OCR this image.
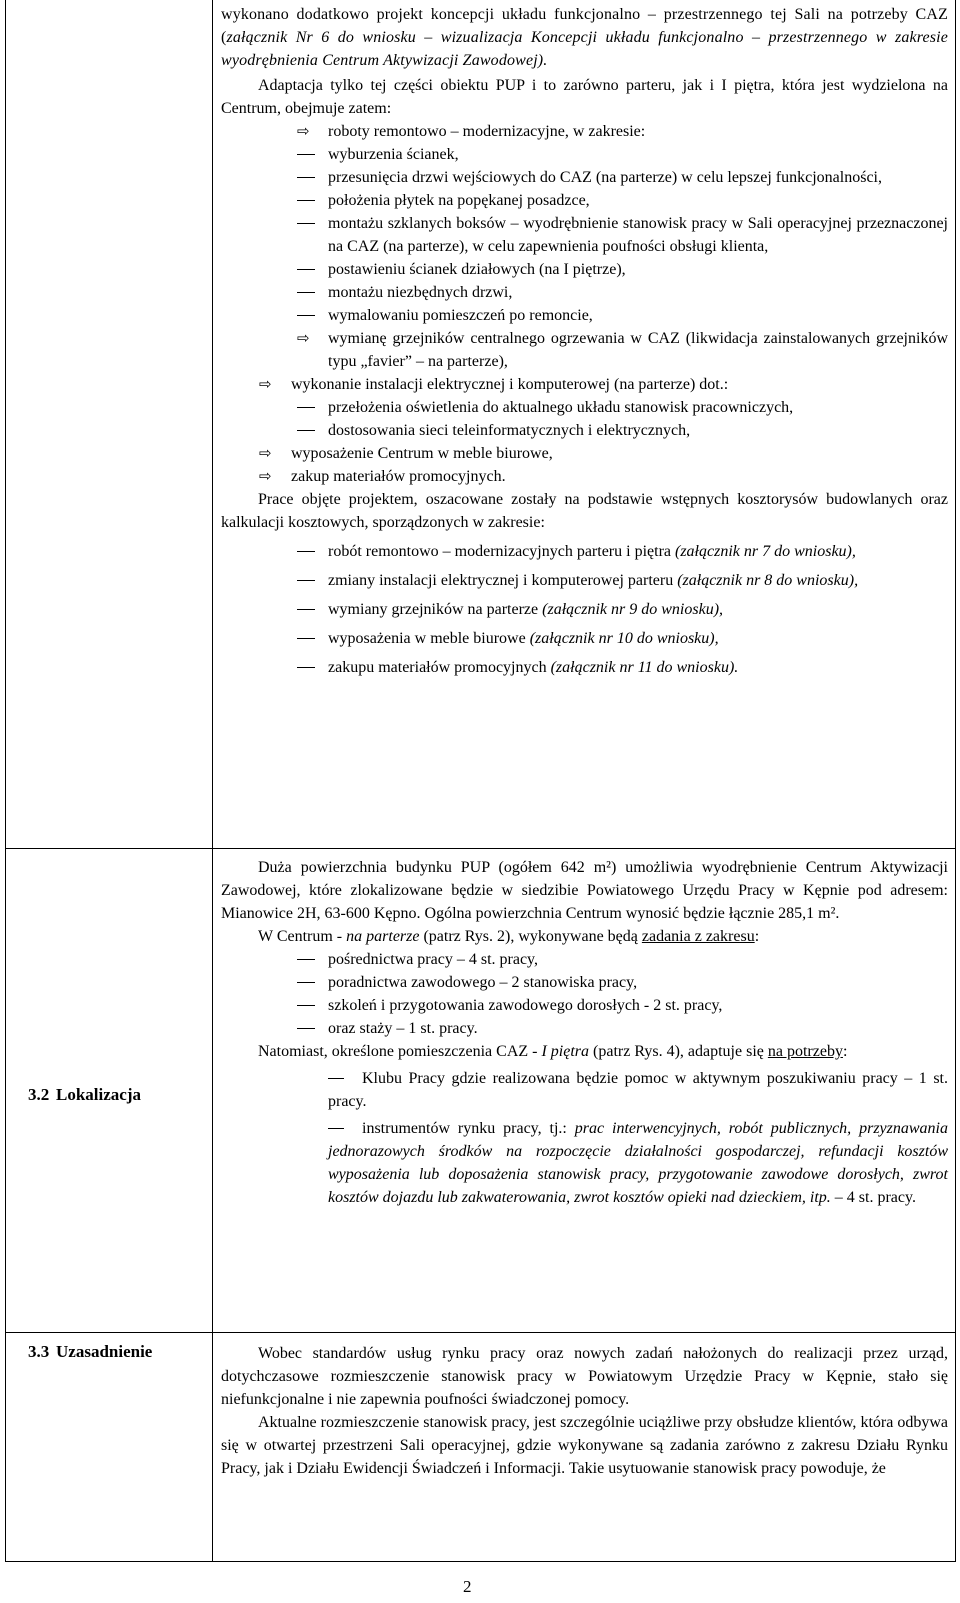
3.2 Lokalizacja
3.3 Uzasadnienie

wykonano dodatkowo projekt koncepcji układu funkcjonalno – przestrzennego tej Sali na potrzeby CAZ (załącznik Nr 6 do wniosku – wizualizacja Koncepcji układu funkcjonalno – przestrzennego w zakresie wyodrębnienia Centrum Aktywizacji Zawodowej).

Adaptacja tylko tej części obiektu PUP i to zarówno parteru, jak i I piętra, która jest wydzielona na Centrum, obejmuje zatem:

⇨ roboty remontowo – modernizacyjne, w zakresie:
wyburzenia ścianek,
przesunięcia drzwi wejściowych do CAZ (na parterze) w celu lepszej funkcjonalności,
położenia płytek na popękanej posadzce,
montażu szklanych boksów – wyodrębnienie stanowisk pracy w Sali operacyjnej przeznaczonej na CAZ (na parterze), w celu zapewnienia poufności obsługi klienta,
postawieniu ścianek działowych (na I piętrze),
montażu niezbędnych drzwi,
wymalowaniu pomieszczeń po remoncie,
⇨ wymianę grzejników centralnego ogrzewania w CAZ (likwidacja zainstalowanych grzejników typu „favier” – na parterze),
⇨ wykonanie instalacji elektrycznej i komputerowej (na parterze) dot.:
przełożenia oświetlenia do aktualnego układu stanowisk pracowniczych,
dostosowania sieci teleinformatycznych i elektrycznych,
⇨ wyposażenie Centrum w meble biurowe,
⇨ zakup materiałów promocyjnych.

Prace objęte projektem, oszacowane zostały na podstawie wstępnych kosztorysów budowlanych oraz kalkulacji kosztowych, sporządzonych w zakresie:

robót remontowo – modernizacyjnych parteru i piętra (załącznik nr 7 do wniosku),
zmiany instalacji elektrycznej i komputerowej parteru (załącznik nr 8 do wniosku),
wymiany grzejników na parterze (załącznik nr 9 do wniosku),
wyposażenia w meble biurowe (załącznik nr 10 do wniosku),
zakupu materiałów promocyjnych (załącznik nr 11 do wniosku).

Duża powierzchnia budynku PUP (ogółem 642 m²) umożliwia wyodrębnienie Centrum Aktywizacji Zawodowej, które zlokalizowane będzie w siedzibie Powiatowego Urzędu Pracy w Kępnie pod adresem: Mianowice 2H, 63-600 Kępno. Ogólna powierzchnia Centrum wynosić będzie łącznie 285,1 m².

W Centrum - na parterze (patrz Rys. 2), wykonywane będą zadania z zakresu:

pośrednictwa pracy – 4 st. pracy,
poradnictwa zawodowego – 2 stanowiska pracy,
szkoleń i przygotowania zawodowego dorosłych - 2 st. pracy,
oraz staży – 1 st. pracy.

Natomiast, określone pomieszczenia CAZ - I piętra (patrz Rys. 4), adaptuje się na potrzeby:

Klubu Pracy gdzie realizowana będzie pomoc w aktywnym poszukiwaniu pracy – 1 st. pracy.
instrumentów rynku pracy, tj.: prac interwencyjnych, robót publicznych, przyznawania jednorazowych środków na rozpoczęcie działalności gospodarczej, refundacji kosztów wyposażenia lub doposażenia stanowisk pracy, przygotowanie zawodowe dorosłych, zwrot kosztów dojazdu lub zakwaterowania, zwrot kosztów opieki nad dzieckiem, itp. – 4 st. pracy.

Wobec standardów usług rynku pracy oraz nowych zadań nałożonych do realizacji przez urząd, dotychczasowe rozmieszczenie stanowisk pracy w Powiatowym Urzędzie Pracy w Kępnie, stało się niefunkcjonalne i nie zapewnia poufności świadczonej pomocy.

Aktualne rozmieszczenie stanowisk pracy, jest szczególnie uciążliwe przy obsłudze klientów, która odbywa się w otwartej przestrzeni Sali operacyjnej, gdzie wykonywane są zadania zarówno z zakresu Działu Rynku Pracy, jak i Działu Ewidencji Świadczeń i Informacji. Takie usytuowanie stanowisk pracy powoduje, że

2
